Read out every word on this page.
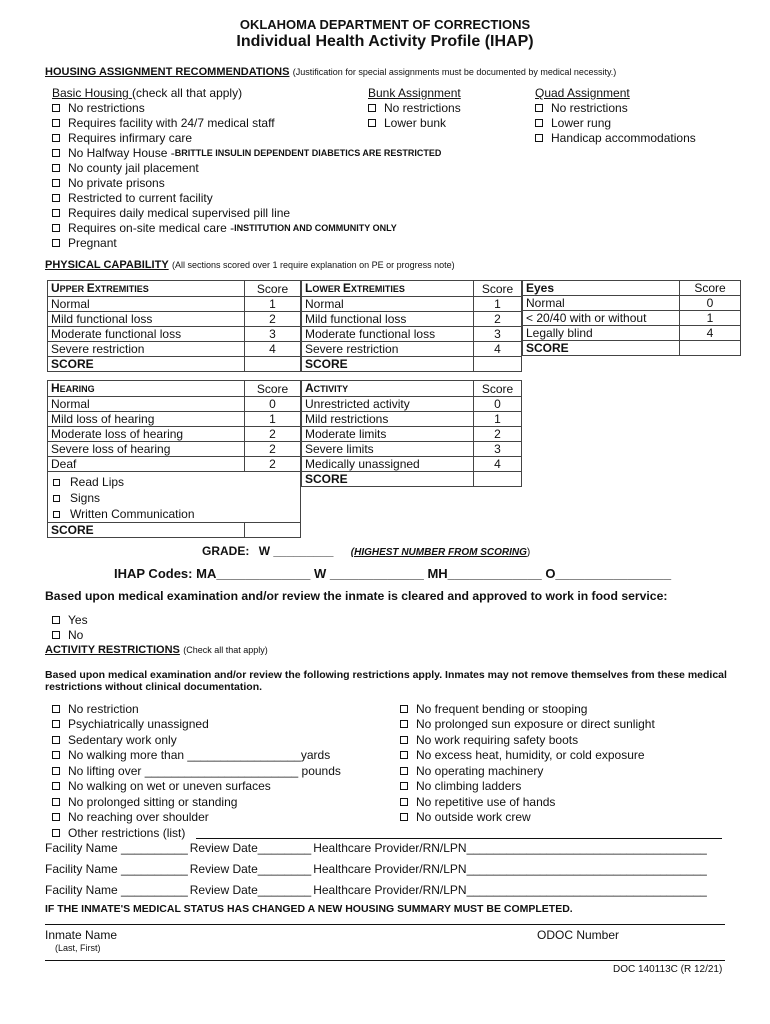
OKLAHOMA DEPARTMENT OF CORRECTIONS
Individual Health Activity Profile (IHAP)
HOUSING ASSIGNMENT RECOMMENDATIONS (Justification for special assignments must be documented by medical necessity.)
Basic Housing (check all that apply)
No restrictions
Requires facility with 24/7 medical staff
Requires infirmary care
No Halfway House - BRITTLE INSULIN DEPENDENT DIABETICS ARE RESTRICTED
No county jail placement
No private prisons
Restricted to current facility
Requires daily medical supervised pill line
Requires on-site medical care - INSTITUTION AND COMMUNITY ONLY
Pregnant
Bunk Assignment
No restrictions
Lower bunk
Quad Assignment
No restrictions
Lower rung
Handicap accommodations
PHYSICAL CAPABILITY (All sections scored over 1 require explanation on PE or progress note)
UPPER EXTREMITIES	Score
Normal	1
Mild functional loss	2
Moderate functional loss	3
Severe restriction	4
SCORE	
LOWER EXTREMITIES	Score
Normal	1
Mild functional loss	2
Moderate functional loss	3
Severe restriction	4
SCORE	
Eyes	Score
Normal	0
< 20/40 with or without	1
Legally blind	4
SCORE	
HEARING	Score
Normal	0
Mild loss of hearing	1
Moderate loss of hearing	2
Severe loss of hearing	2
Deaf	2

Read Lips
Signs
Written Communication	

SCORE	
ACTIVITY	Score
Unrestricted activity	0
Mild restrictions	1
Moderate limits	2
Severe limits	3
Medically unassigned	4
SCORE	
GRADE: W _________ (HIGHEST NUMBER FROM SCORING)
IHAP Codes: MA_____________ W _____________ MH_____________ O________________
Based upon medical examination and/or review the inmate is cleared and approved to work in food service:
Yes
No
ACTIVITY RESTRICTIONS (Check all that apply)
Based upon medical examination and/or review the following restrictions apply. Inmates may not remove themselves from these medical restrictions without clinical documentation.
No restriction
Psychiatrically unassigned
Sedentary work only
No walking more than _________________yards
No lifting over _______________________ pounds
No walking on wet or uneven surfaces
No prolonged sitting or standing
No reaching over shoulder
Other restrictions (list)
No frequent bending or stooping
No prolonged sun exposure or direct sunlight
No work requiring safety boots
No excess heat, humidity, or cold exposure
No operating machinery
No climbing ladders
No repetitive use of hands
No outside work crew
Facility Name __________ Review Date________ Healthcare Provider/RN/LPN____________________________________
Facility Name __________ Review Date________ Healthcare Provider/RN/LPN____________________________________
Facility Name __________ Review Date________ Healthcare Provider/RN/LPN____________________________________
IF THE INMATE'S MEDICAL STATUS HAS CHANGED A NEW HOUSING SUMMARY MUST BE COMPLETED.
Inmate Name
(Last, First)
ODOC Number
DOC 140113C (R 12/21)
